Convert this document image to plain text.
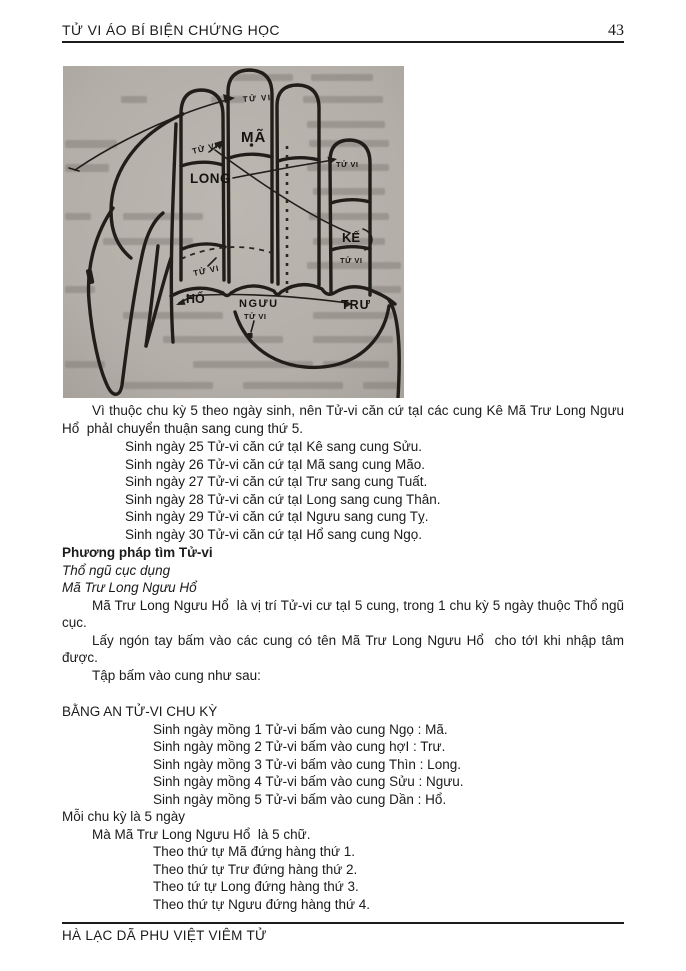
TỬ VI ÁO BÍ BIỆN CHỨNG HỌC	43
TỬ VI
MÃ
TỬ VI
LONG
TỬ VI
KẾ
TỬ VI
TỬ VI
HỔ	NGƯU
TỬ VI
TRƯ
Vì thuộc chu kỳ 5 theo ngày sinh, nên Tử-vi căn cứ tạI các cung Kê Mã Trư Long Ngưu Hổ  phảI chuyển thuận sang cung thứ 5.
Sinh ngày 25 Tử-vi căn cứ tạI Kê sang cung Sửu.
Sinh ngày 26 Tử-vi căn cứ tạI Mã sang cung Mão.
Sinh ngày 27 Tử-vi căn cứ tạI Trư sang cung Tuất.
Sinh ngày 28 Tử-vi căn cứ tạI Long sang cung Thân.
Sinh ngày 29 Tử-vi căn cứ tạI Ngưu sang cung Tỵ.
Sinh ngày 30 Tử-vi căn cứ tạI Hổ sang cung Ngọ.
Phương pháp tìm Tử-vi
Thổ ngũ cục dụng
Mã Trư Long Ngưu Hổ
Mã Trư Long Ngưu Hổ  là vị trí Tử-vi cư tạI 5 cung, trong 1 chu kỳ 5 ngày thuộc Thổ ngũ cục.
Lấy ngón tay bấm vào các cung có tên Mã Trư Long Ngưu Hổ  cho tớI khi nhập tâm được.
Tập bấm vào cung như sau:
BẰNG AN TỬ-VI CHU KỲ
Sinh ngày mồng 1 Tử-vi bấm vào cung Ngọ : Mã.
Sinh ngày mồng 2 Tử-vi bấm vào cung hợI : Trư.
Sinh ngày mồng 3 Tử-vi bấm vào cung Thìn : Long.
Sinh ngày mồng 4 Tử-vi bấm vào cung Sửu : Ngưu.
Sinh ngày mồng 5 Tử-vi bấm vào cung Dần : Hổ.
Mỗi chu kỳ là 5 ngày
Mà Mã Trư Long Ngưu Hổ  là 5 chữ.
Theo thứ tự Mã đứng hàng thứ 1.
Theo thứ tự Trư đứng hàng thứ 2.
Theo tứ tự Long đứng hàng thứ 3.
Theo thứ tự Ngưu đứng hàng thứ 4.
HÀ LẠC DÃ PHU VIỆT VIÊM TỬ
